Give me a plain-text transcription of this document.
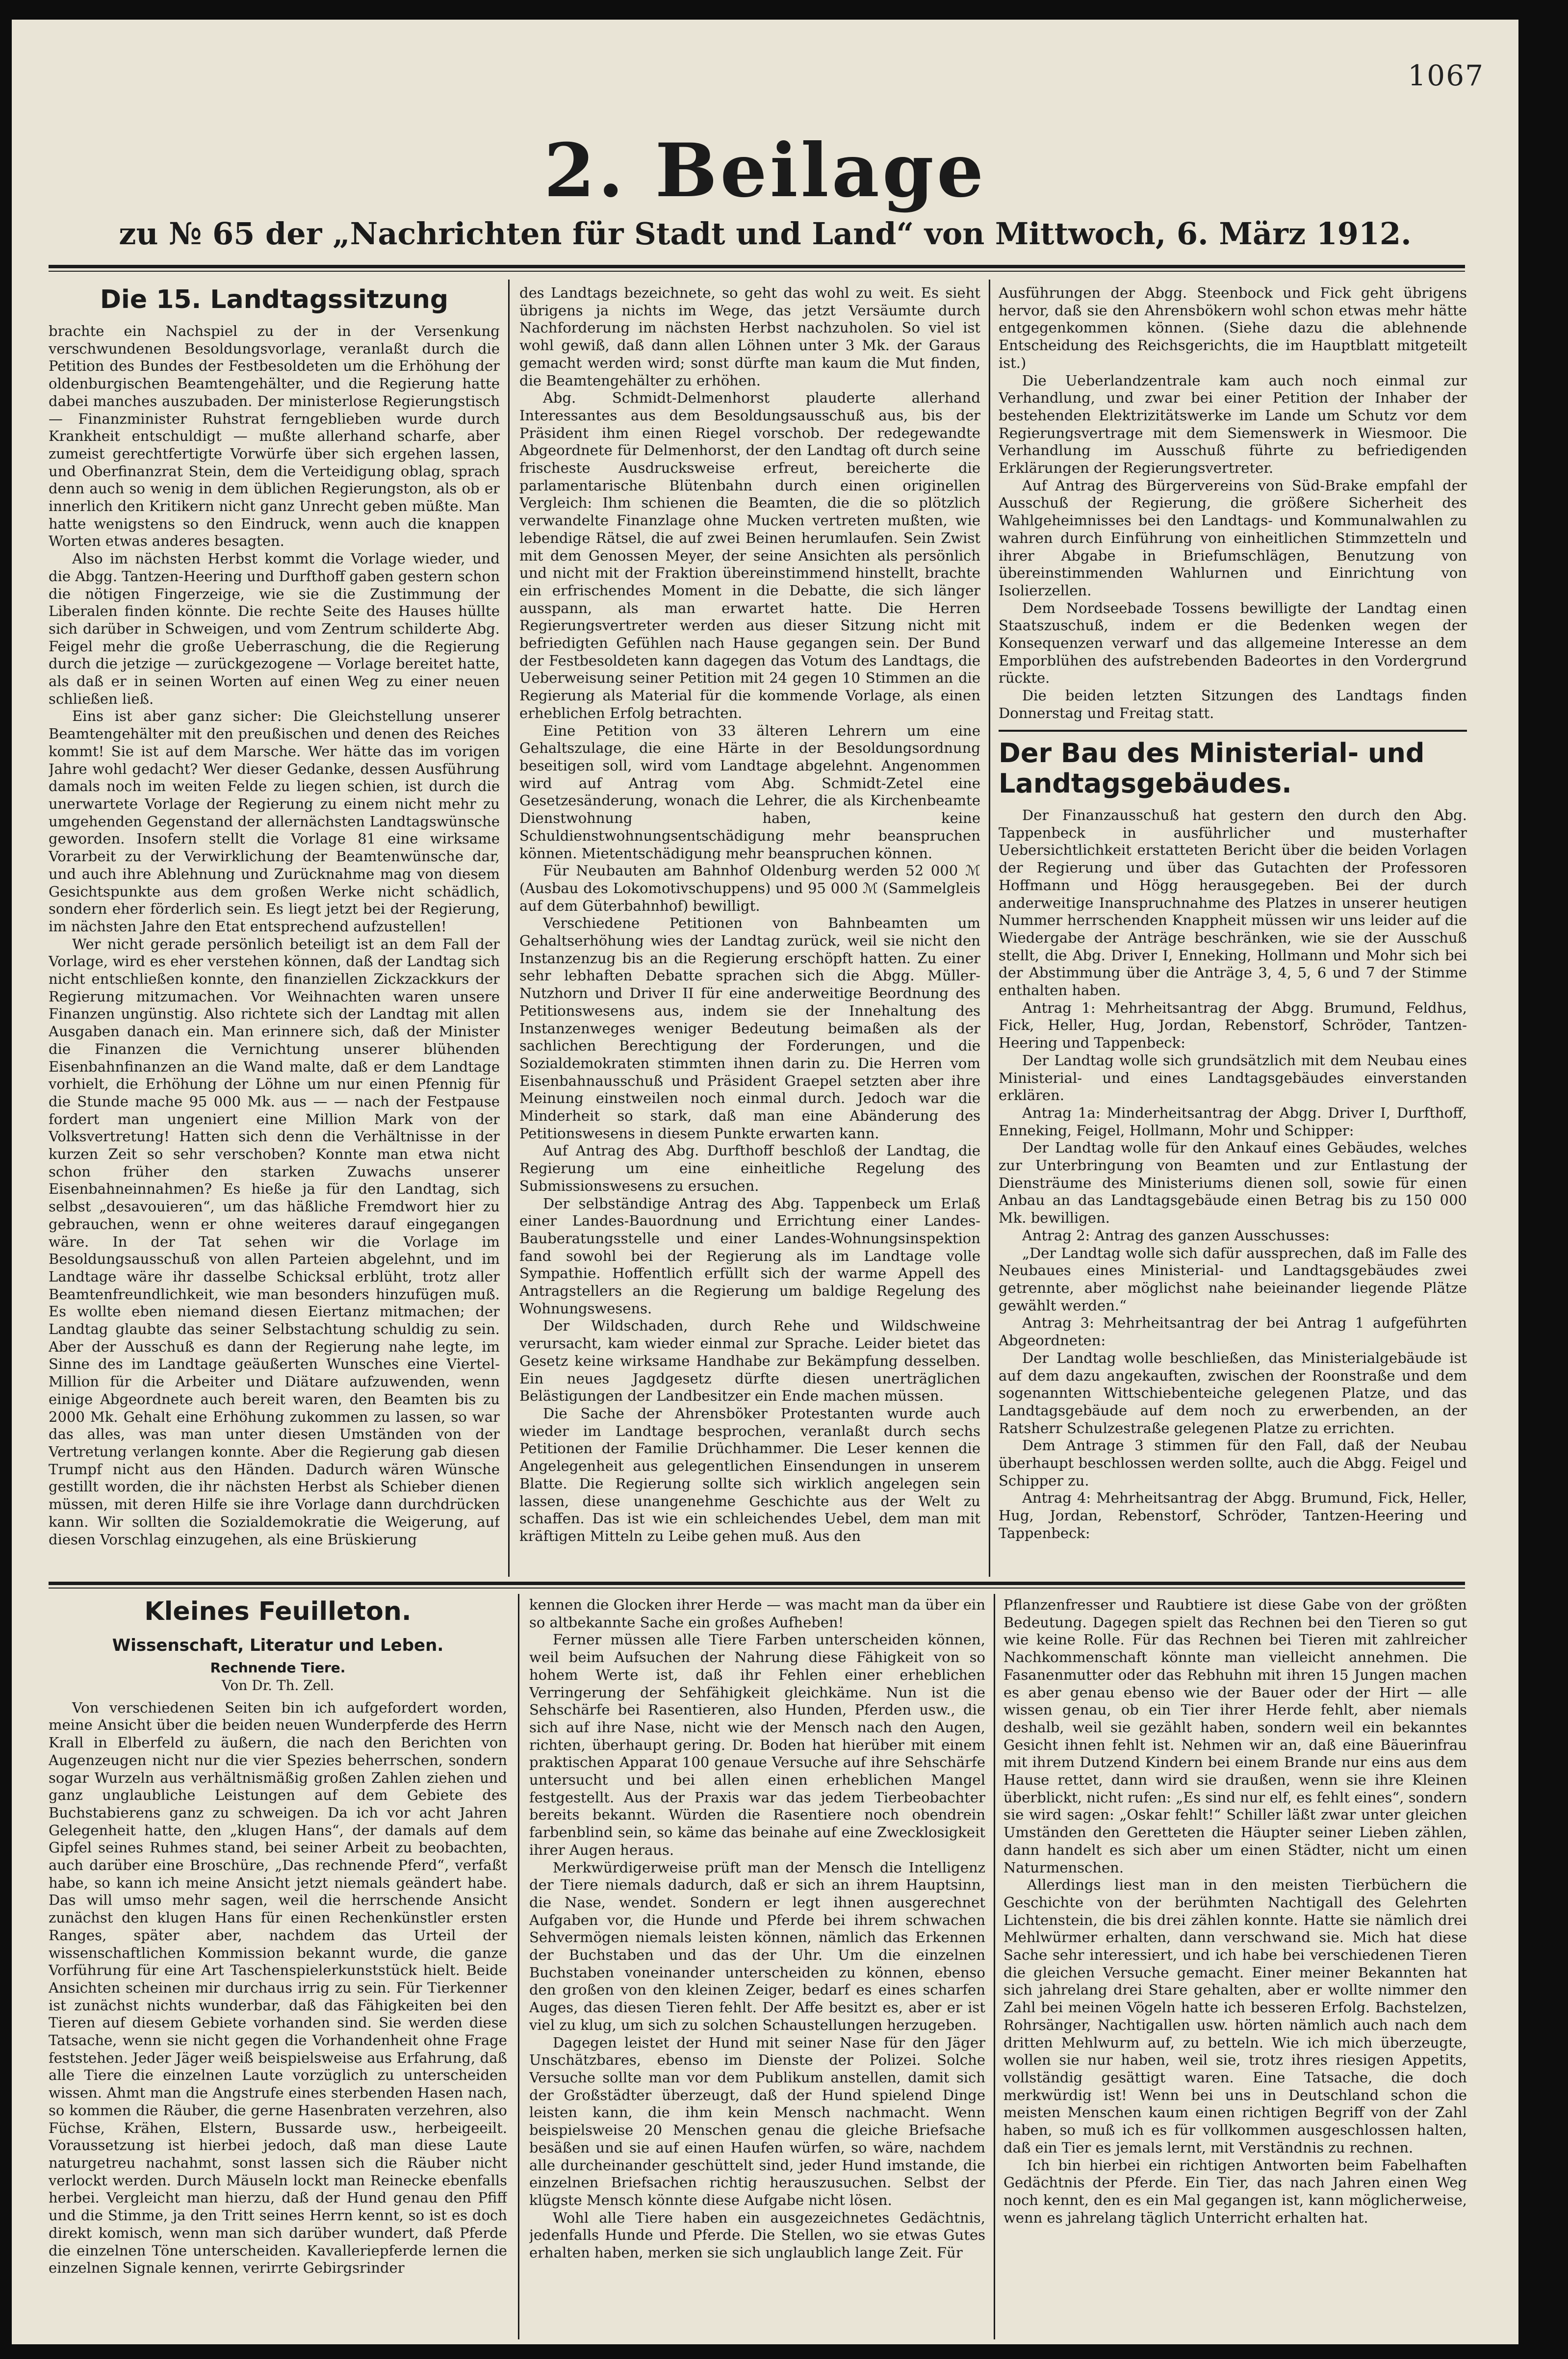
1067
2. Beilage
zu № 65 der „Nachrichten für Stadt und Land“ von Mittwoch, 6. März 1912.
Die 15. Landtagssitzung

brachte ein Nachspiel zu der in der Versenkung verschwundenen Besoldungsvorlage, veranlaßt durch die Petition des Bundes der Festbesoldeten um die Erhöhung der oldenburgischen Beamtengehälter, und die Regierung hatte dabei manches auszubaden. Der ministerlose Regierungstisch — Finanzminister Ruhstrat ferngeblieben wurde durch Krankheit entschuldigt — mußte allerhand scharfe, aber zumeist gerechtfertigte Vorwürfe über sich ergehen lassen, und Oberfinanzrat Stein, dem die Verteidigung oblag, sprach denn auch so wenig in dem üblichen Regierungston, als ob er innerlich den Kritikern nicht ganz Unrecht geben müßte. Man hatte wenigstens so den Eindruck, wenn auch die knappen Worten etwas anderes besagten.

Also im nächsten Herbst kommt die Vorlage wieder, und die Abgg. Tantzen-Heering und Durfthoff gaben gestern schon die nötigen Fingerzeige, wie sie die Zustimmung der Liberalen finden könnte. Die rechte Seite des Hauses hüllte sich darüber in Schweigen, und vom Zentrum schilderte Abg. Feigel mehr die große Ueberraschung, die die Regierung durch die jetzige — zurückgezogene — Vorlage bereitet hatte, als daß er in seinen Worten auf einen Weg zu einer neuen schließen ließ.

Eins ist aber ganz sicher: Die Gleichstellung unserer Beamtengehälter mit den preußischen und denen des Reiches kommt! Sie ist auf dem Marsche. Wer hätte das im vorigen Jahre wohl gedacht? Wer dieser Gedanke, dessen Ausführung damals noch im weiten Felde zu liegen schien, ist durch die unerwartete Vorlage der Regierung zu einem nicht mehr zu umgehenden Gegenstand der allernächsten Landtagswünsche geworden. Insofern stellt die Vorlage 81 eine wirksame Vorarbeit zu der Verwirklichung der Beamtenwünsche dar, und auch ihre Ablehnung und Zurücknahme mag von diesem Gesichtspunkte aus dem großen Werke nicht schädlich, sondern eher förderlich sein. Es liegt jetzt bei der Regierung, im nächsten Jahre den Etat entsprechend aufzustellen!

Wer nicht gerade persönlich beteiligt ist an dem Fall der Vorlage, wird es eher verstehen können, daß der Landtag sich nicht entschließen konnte, den finanziellen Zickzackkurs der Regierung mitzumachen. Vor Weihnachten waren unsere Finanzen ungünstig. Also richtete sich der Landtag mit allen Ausgaben danach ein. Man erinnere sich, daß der Minister die Finanzen die Vernichtung unserer blühenden Eisenbahnfinanzen an die Wand malte, daß er dem Landtage vorhielt, die Erhöhung der Löhne um nur einen Pfennig für die Stunde mache 95 000 Mk. aus — — nach der Festpause fordert man ungeniert eine Million Mark von der Volksvertretung! Hatten sich denn die Verhältnisse in der kurzen Zeit so sehr verschoben? Konnte man etwa nicht schon früher den starken Zuwachs unserer Eisenbahneinnahmen? Es hieße ja für den Landtag, sich selbst „desavouieren“, um das häßliche Fremdwort hier zu gebrauchen, wenn er ohne weiteres darauf eingegangen wäre. In der Tat sehen wir die Vorlage im Besoldungsausschuß von allen Parteien abgelehnt, und im Landtage wäre ihr dasselbe Schicksal erblüht, trotz aller Beamtenfreundlichkeit, wie man besonders hinzufügen muß. Es wollte eben niemand diesen Eiertanz mitmachen; der Landtag glaubte das seiner Selbstachtung schuldig zu sein. Aber der Ausschuß es dann der Regierung nahe legte, im Sinne des im Landtage geäußerten Wunsches eine Viertel-Million für die Arbeiter und Diätare aufzuwenden, wenn einige Abgeordnete auch bereit waren, den Beamten bis zu 2000 Mk. Gehalt eine Erhöhung zukommen zu lassen, so war das alles, was man unter diesen Umständen von der Vertretung verlangen konnte. Aber die Regierung gab diesen Trumpf nicht aus den Händen. Dadurch wären Wünsche gestillt worden, die ihr nächsten Herbst als Schieber dienen müssen, mit deren Hilfe sie ihre Vorlage dann durchdrücken kann. Wir sollten die Sozialdemokratie die Weigerung, auf diesen Vorschlag einzugehen, als eine Brüskierung

des Landtags bezeichnete, so geht das wohl zu weit. Es sieht übrigens ja nichts im Wege, das jetzt Versäumte durch Nachforderung im nächsten Herbst nachzuholen. So viel ist wohl gewiß, daß dann allen Löhnen unter 3 Mk. der Garaus gemacht werden wird; sonst dürfte man kaum die Mut finden, die Beamtengehälter zu erhöhen.

Abg. Schmidt-Delmenhorst plauderte allerhand Interessantes aus dem Besoldungsausschuß aus, bis der Präsident ihm einen Riegel vorschob. Der redegewandte Abgeordnete für Delmenhorst, der den Landtag oft durch seine frischeste Ausdrucksweise erfreut, bereicherte die parlamentarische Blütenbahn durch einen originellen Vergleich: Ihm schienen die Beamten, die die so plötzlich verwandelte Finanzlage ohne Mucken vertreten mußten, wie lebendige Rätsel, die auf zwei Beinen herumlaufen. Sein Zwist mit dem Genossen Meyer, der seine Ansichten als persönlich und nicht mit der Fraktion übereinstimmend hinstellt, brachte ein erfrischendes Moment in die Debatte, die sich länger ausspann, als man erwartet hatte. Die Herren Regierungsvertreter werden aus dieser Sitzung nicht mit befriedigten Gefühlen nach Hause gegangen sein. Der Bund der Festbesoldeten kann dagegen das Votum des Landtags, die Ueberweisung seiner Petition mit 24 gegen 10 Stimmen an die Regierung als Material für die kommende Vorlage, als einen erheblichen Erfolg betrachten.

Eine Petition von 33 älteren Lehrern um eine Gehaltszulage, die eine Härte in der Besoldungsordnung beseitigen soll, wird vom Landtage abgelehnt. Angenommen wird auf Antrag vom Abg. Schmidt-Zetel eine Gesetzesänderung, wonach die Lehrer, die als Kirchenbeamte Dienstwohnung haben, keine Schuldienstwohnungsentschädigung mehr beanspruchen können. Mietentschädigung mehr beanspruchen können.

Für Neubauten am Bahnhof Oldenburg werden 52 000 ℳ (Ausbau des Lokomotivschuppens) und 95 000 ℳ (Sammelgleis auf dem Güterbahnhof) bewilligt.

Verschiedene Petitionen von Bahnbeamten um Gehaltserhöhung wies der Landtag zurück, weil sie nicht den Instanzenzug bis an die Regierung erschöpft hatten. Zu einer sehr lebhaften Debatte sprachen sich die Abgg. Müller-Nutzhorn und Driver II für eine anderweitige Beordnung des Petitionswesens aus, indem sie der Innehaltung des Instanzenweges weniger Bedeutung beimaßen als der sachlichen Berechtigung der Forderungen, und die Sozialdemokraten stimmten ihnen darin zu. Die Herren vom Eisenbahnausschuß und Präsident Graepel setzten aber ihre Meinung einstweilen noch einmal durch. Jedoch war die Minderheit so stark, daß man eine Abänderung des Petitionswesens in diesem Punkte erwarten kann.

Auf Antrag des Abg. Durfthoff beschloß der Landtag, die Regierung um eine einheitliche Regelung des Submissionswesens zu ersuchen.

Der selbständige Antrag des Abg. Tappenbeck um Erlaß einer Landes-Bauordnung und Errichtung einer Landes-Bauberatungsstelle und einer Landes-Wohnungsinspektion fand sowohl bei der Regierung als im Landtage volle Sympathie. Hoffentlich erfüllt sich der warme Appell des Antragstellers an die Regierung um baldige Regelung des Wohnungswesens.

Der Wildschaden, durch Rehe und Wildschweine verursacht, kam wieder einmal zur Sprache. Leider bietet das Gesetz keine wirksame Handhabe zur Bekämpfung desselben. Ein neues Jagdgesetz dürfte diesen unerträglichen Belästigungen der Landbesitzer ein Ende machen müssen.

Die Sache der Ahrensböker Protestanten wurde auch wieder im Landtage besprochen, veranlaßt durch sechs Petitionen der Familie Drüchhammer. Die Leser kennen die Angelegenheit aus gelegentlichen Einsendungen in unserem Blatte. Die Regierung sollte sich wirklich angelegen sein lassen, diese unangenehme Geschichte aus der Welt zu schaffen. Das ist wie ein schleichendes Uebel, dem man mit kräftigen Mitteln zu Leibe gehen muß. Aus den

Ausführungen der Abgg. Steenbock und Fick geht übrigens hervor, daß sie den Ahrensbökern wohl schon etwas mehr hätte entgegenkommen können. (Siehe dazu die ablehnende Entscheidung des Reichsgerichts, die im Hauptblatt mitgeteilt ist.)

Die Ueberlandzentrale kam auch noch einmal zur Verhandlung, und zwar bei einer Petition der Inhaber der bestehenden Elektrizitätswerke im Lande um Schutz vor dem Regierungsvertrage mit dem Siemenswerk in Wiesmoor. Die Verhandlung im Ausschuß führte zu befriedigenden Erklärungen der Regierungsvertreter.

Auf Antrag des Bürgervereins von Süd-Brake empfahl der Ausschuß der Regierung, die größere Sicherheit des Wahlgeheimnisses bei den Landtags- und Kommunalwahlen zu wahren durch Einführung von einheitlichen Stimmzetteln und ihrer Abgabe in Briefumschlägen, Benutzung von übereinstimmenden Wahlurnen und Einrichtung von Isolierzellen.

Dem Nordseebade Tossens bewilligte der Landtag einen Staatszuschuß, indem er die Bedenken wegen der Konsequenzen verwarf und das allgemeine Interesse an dem Emporblühen des aufstrebenden Badeortes in den Vordergrund rückte.

Die beiden letzten Sitzungen des Landtags finden Donnerstag und Freitag statt.

Der Bau des Ministerial- und Landtagsgebäudes.

Der Finanzausschuß hat gestern den durch den Abg. Tappenbeck in ausführlicher und musterhafter Uebersichtlichkeit erstatteten Bericht über die beiden Vorlagen der Regierung und über das Gutachten der Professoren Hoffmann und Högg herausgegeben. Bei der durch anderweitige Inanspruchnahme des Platzes in unserer heutigen Nummer herrschenden Knappheit müssen wir uns leider auf die Wiedergabe der Anträge beschränken, wie sie der Ausschuß stellt, die Abg. Driver I, Enneking, Hollmann und Mohr sich bei der Abstimmung über die Anträge 3, 4, 5, 6 und 7 der Stimme enthalten haben.

Antrag 1: Mehrheitsantrag der Abgg. Brumund, Feldhus, Fick, Heller, Hug, Jordan, Rebenstorf, Schröder, Tantzen-Heering und Tappenbeck:

Der Landtag wolle sich grundsätzlich mit dem Neubau eines Ministerial- und eines Landtagsgebäudes einverstanden erklären.

Antrag 1a: Minderheitsantrag der Abgg. Driver I, Durfthoff, Enneking, Feigel, Hollmann, Mohr und Schipper:

Der Landtag wolle für den Ankauf eines Gebäudes, welches zur Unterbringung von Beamten und zur Entlastung der Diensträume des Ministeriums dienen soll, sowie für einen Anbau an das Landtagsgebäude einen Betrag bis zu 150 000 Mk. bewilligen.

Antrag 2: Antrag des ganzen Ausschusses:

„Der Landtag wolle sich dafür aussprechen, daß im Falle des Neubaues eines Ministerial- und Landtagsgebäudes zwei getrennte, aber möglichst nahe beieinander liegende Plätze gewählt werden.“

Antrag 3: Mehrheitsantrag der bei Antrag 1 aufgeführten Abgeordneten:

Der Landtag wolle beschließen, das Ministerialgebäude ist auf dem dazu angekauften, zwischen der Roonstraße und dem sogenannten Wittschiebenteiche gelegenen Platze, und das Landtagsgebäude auf dem noch zu erwerbenden, an der Ratsherr Schulzestraße gelegenen Platze zu errichten.

Dem Antrage 3 stimmen für den Fall, daß der Neubau überhaupt beschlossen werden sollte, auch die Abgg. Feigel und Schipper zu.

Antrag 4: Mehrheitsantrag der Abgg. Brumund, Fick, Heller, Hug, Jordan, Rebenstorf, Schröder, Tantzen-Heering und Tappenbeck:

Kleines Feuilleton.
Wissenschaft, Literatur und Leben.
Rechnende Tiere.
Von Dr. Th. Zell.

Von verschiedenen Seiten bin ich aufgefordert worden, meine Ansicht über die beiden neuen Wunderpferde des Herrn Krall in Elberfeld zu äußern, die nach den Berichten von Augenzeugen nicht nur die vier Spezies beherrschen, sondern sogar Wurzeln aus verhältnismäßig großen Zahlen ziehen und ganz unglaubliche Leistungen auf dem Gebiete des Buchstabierens ganz zu schweigen. Da ich vor acht Jahren Gelegenheit hatte, den „klugen Hans“, der damals auf dem Gipfel seines Ruhmes stand, bei seiner Arbeit zu beobachten, auch darüber eine Broschüre, „Das rechnende Pferd“, verfaßt habe, so kann ich meine Ansicht jetzt niemals geändert habe. Das will umso mehr sagen, weil die herrschende Ansicht zunächst den klugen Hans für einen Rechenkünstler ersten Ranges, später aber, nachdem das Urteil der wissenschaftlichen Kommission bekannt wurde, die ganze Vorführung für eine Art Taschenspielerkunststück hielt. Beide Ansichten scheinen mir durchaus irrig zu sein. Für Tierkenner ist zunächst nichts wunderbar, daß das Fähigkeiten bei den Tieren auf diesem Gebiete vorhanden sind. Sie werden diese Tatsache, wenn sie nicht gegen die Vorhandenheit ohne Frage feststehen. Jeder Jäger weiß beispielsweise aus Erfahrung, daß alle Tiere die einzelnen Laute vorzüglich zu unterscheiden wissen. Ahmt man die Angstrufe eines sterbenden Hasen nach, so kommen die Räuber, die gerne Hasenbraten verzehren, also Füchse, Krähen, Elstern, Bussarde usw., herbeigeeilt. Voraussetzung ist hierbei jedoch, daß man diese Laute naturgetreu nachahmt, sonst lassen sich die Räuber nicht verlockt werden. Durch Mäuseln lockt man Reinecke ebenfalls herbei. Vergleicht man hierzu, daß der Hund genau den Pfiff und die Stimme, ja den Tritt seines Herrn kennt, so ist es doch direkt komisch, wenn man sich darüber wundert, daß Pferde die einzelnen Töne unterscheiden. Kavalleriepferde lernen die einzelnen Signale kennen, verirrte Gebirgsrinder

kennen die Glocken ihrer Herde — was macht man da über ein so altbekannte Sache ein großes Aufheben!

Ferner müssen alle Tiere Farben unterscheiden können, weil beim Aufsuchen der Nahrung diese Fähigkeit von so hohem Werte ist, daß ihr Fehlen einer erheblichen Verringerung der Sehfähigkeit gleichkäme. Nun ist die Sehschärfe bei Rasentieren, also Hunden, Pferden usw., die sich auf ihre Nase, nicht wie der Mensch nach den Augen, richten, überhaupt gering. Dr. Boden hat hierüber mit einem praktischen Apparat 100 genaue Versuche auf ihre Sehschärfe untersucht und bei allen einen erheblichen Mangel festgestellt. Aus der Praxis war das jedem Tierbeobachter bereits bekannt. Würden die Rasentiere noch obendrein farbenblind sein, so käme das beinahe auf eine Zwecklosigkeit ihrer Augen heraus.

Merkwürdigerweise prüft man der Mensch die Intelligenz der Tiere niemals dadurch, daß er sich an ihrem Hauptsinn, die Nase, wendet. Sondern er legt ihnen ausgerechnet Aufgaben vor, die Hunde und Pferde bei ihrem schwachen Sehvermögen niemals leisten können, nämlich das Erkennen der Buchstaben und das der Uhr. Um die einzelnen Buchstaben voneinander unterscheiden zu können, ebenso den großen von den kleinen Zeiger, bedarf es eines scharfen Auges, das diesen Tieren fehlt. Der Affe besitzt es, aber er ist viel zu klug, um sich zu solchen Schaustellungen herzugeben.

Dagegen leistet der Hund mit seiner Nase für den Jäger Unschätzbares, ebenso im Dienste der Polizei. Solche Versuche sollte man vor dem Publikum anstellen, damit sich der Großstädter überzeugt, daß der Hund spielend Dinge leisten kann, die ihm kein Mensch nachmacht. Wenn beispielsweise 20 Menschen genau die gleiche Briefsache besäßen und sie auf einen Haufen würfen, so wäre, nachdem alle durcheinander geschüttelt sind, jeder Hund imstande, die einzelnen Briefsachen richtig herauszusuchen. Selbst der klügste Mensch könnte diese Aufgabe nicht lösen.

Wohl alle Tiere haben ein ausgezeichnetes Gedächtnis, jedenfalls Hunde und Pferde. Die Stellen, wo sie etwas Gutes erhalten haben, merken sie sich unglaublich lange Zeit. Für

Pflanzenfresser und Raubtiere ist diese Gabe von der größten Bedeutung. Dagegen spielt das Rechnen bei den Tieren so gut wie keine Rolle. Für das Rechnen bei Tieren mit zahlreicher Nachkommenschaft könnte man vielleicht annehmen. Die Fasanenmutter oder das Rebhuhn mit ihren 15 Jungen machen es aber genau ebenso wie der Bauer oder der Hirt — alle wissen genau, ob ein Tier ihrer Herde fehlt, aber niemals deshalb, weil sie gezählt haben, sondern weil ein bekanntes Gesicht ihnen fehlt ist. Nehmen wir an, daß eine Bäuerinfrau mit ihrem Dutzend Kindern bei einem Brande nur eins aus dem Hause rettet, dann wird sie draußen, wenn sie ihre Kleinen überblickt, nicht rufen: „Es sind nur elf, es fehlt eines“, sondern sie wird sagen: „Oskar fehlt!“ Schiller läßt zwar unter gleichen Umständen den Geretteten die Häupter seiner Lieben zählen, dann handelt es sich aber um einen Städter, nicht um einen Naturmenschen.

Allerdings liest man in den meisten Tierbüchern die Geschichte von der berühmten Nachtigall des Gelehrten Lichtenstein, die bis drei zählen konnte. Hatte sie nämlich drei Mehlwürmer erhalten, dann verschwand sie. Mich hat diese Sache sehr interessiert, und ich habe bei verschiedenen Tieren die gleichen Versuche gemacht. Einer meiner Bekannten hat sich jahrelang drei Stare gehalten, aber er wollte nimmer den Zahl bei meinen Vögeln hatte ich besseren Erfolg. Bachstelzen, Rohrsänger, Nachtigallen usw. hörten nämlich auch nach dem dritten Mehlwurm auf, zu betteln. Wie ich mich überzeugte, wollen sie nur haben, weil sie, trotz ihres riesigen Appetits, vollständig gesättigt waren. Eine Tatsache, die doch merkwürdig ist! Wenn bei uns in Deutschland schon die meisten Menschen kaum einen richtigen Begriff von der Zahl haben, so muß ich es für vollkommen ausgeschlossen halten, daß ein Tier es jemals lernt, mit Verständnis zu rechnen.

Ich bin hierbei ein richtigen Antworten beim Fabelhaften Gedächtnis der Pferde. Ein Tier, das nach Jahren einen Weg noch kennt, den es ein Mal gegangen ist, kann möglicherweise, wenn es jahrelang täglich Unterricht erhalten hat.
